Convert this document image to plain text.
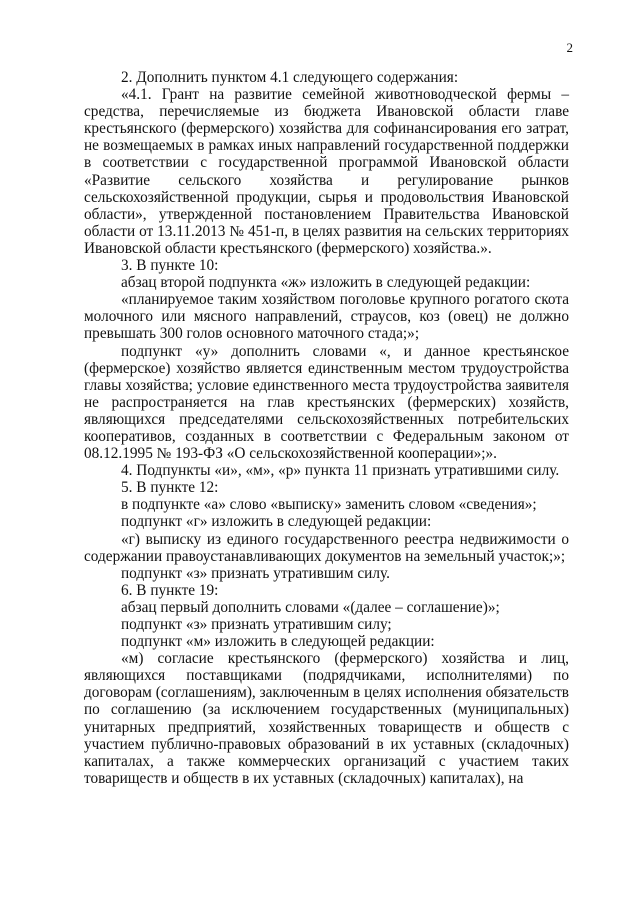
2

2. Дополнить пунктом 4.1 следующего содержания:

«4.1. Грант на развитие семейной животноводческой фермы – средства, перечисляемые из бюджета Ивановской области главе крестьянского (фермерского) хозяйства для софинансирования его затрат, не возмещаемых в рамках иных направлений государственной поддержки в соответствии с государственной программой Ивановской области «Развитие сельского хозяйства и регулирование рынков сельскохозяйственной продукции, сырья и продовольствия Ивановской области», утвержденной постановлением Правительства Ивановской области от 13.11.2013 № 451-п, в целях развития на сельских территориях Ивановской области крестьянского (фермерского) хозяйства.».

3. В пункте 10:

абзац второй подпункта «ж» изложить в следующей редакции:

«планируемое таким хозяйством поголовье крупного рогатого скота молочного или мясного направлений, страусов, коз (овец) не должно превышать 300 голов основного маточного стада;»;

подпункт «у» дополнить словами «, и данное крестьянское (фермерское) хозяйство является единственным местом трудоустройства главы хозяйства; условие единственного места трудоустройства заявителя не распространяется на глав крестьянских (фермерских) хозяйств, являющихся председателями сельскохозяйственных потребительских кооперативов, созданных в соответствии с Федеральным законом от 08.12.1995 № 193-ФЗ «О сельскохозяйственной кооперации»;».

4. Подпункты «и», «м», «р» пункта 11 признать утратившими силу.

5. В пункте 12:

в подпункте «а» слово «выписку» заменить словом «сведения»;

подпункт «г» изложить в следующей редакции:

«г) выписку из единого государственного реестра недвижимости о содержании правоустанавливающих документов на земельный участок;»;

подпункт «з» признать утратившим силу.

6. В пункте 19:

абзац первый дополнить словами «(далее – соглашение)»;

подпункт «з» признать утратившим силу;

подпункт «м» изложить в следующей редакции:

«м) согласие крестьянского (фермерского) хозяйства и лиц, являющихся поставщиками (подрядчиками, исполнителями) по договорам (соглашениям), заключенным в целях исполнения обязательств по соглашению (за исключением государственных (муниципальных) унитарных предприятий, хозяйственных товариществ и обществ с участием публично-правовых образований в их уставных (складочных) капиталах, а также коммерческих организаций с участием таких товариществ и обществ в их уставных (складочных) капиталах), на
